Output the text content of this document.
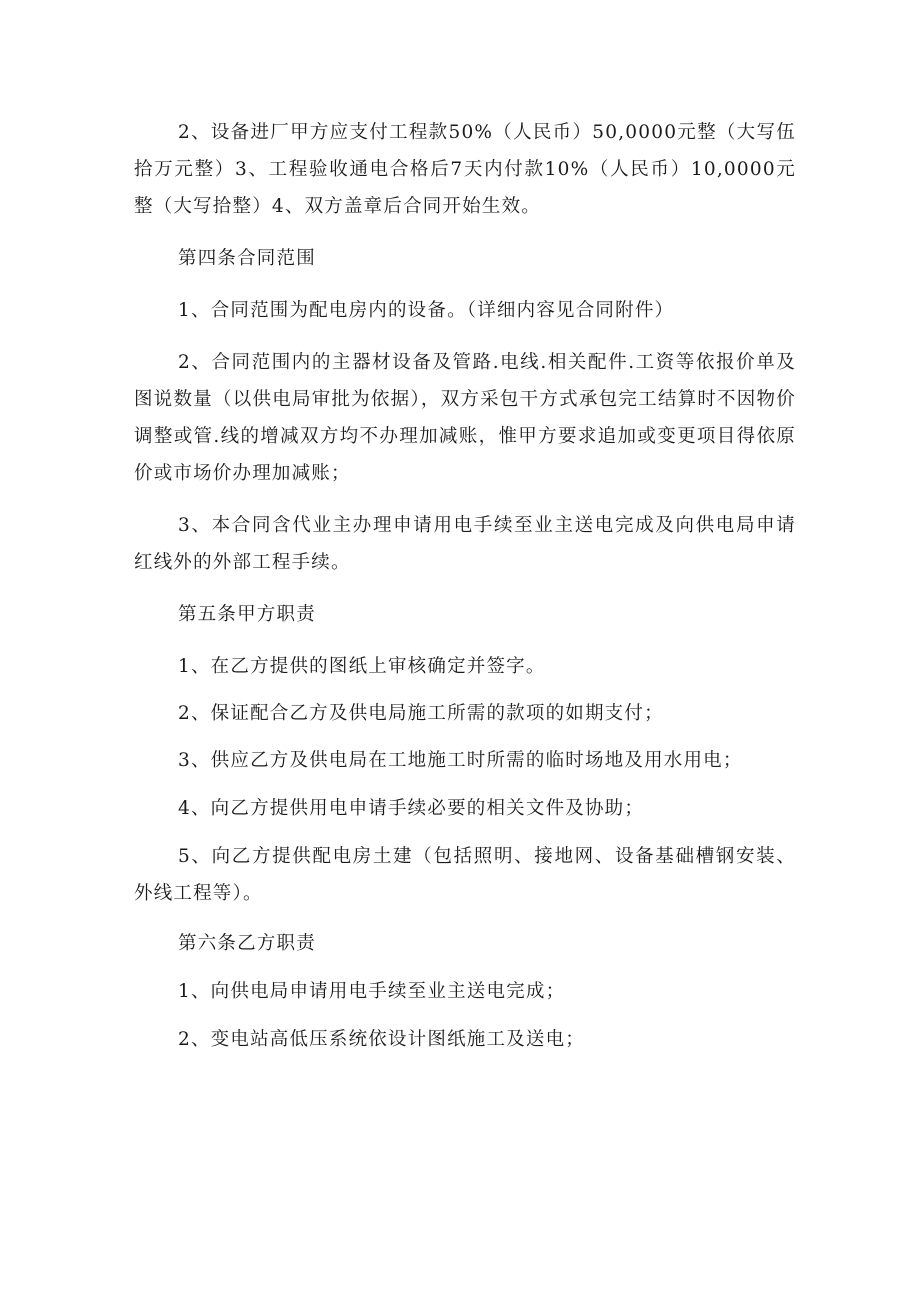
2、设备进厂甲方应支付工程款50%（人民币）50,0000元整（大写伍拾万元整）3、工程验收通电合格后7天内付款10%（人民币）10,0000元整（大写拾整）4、双方盖章后合同开始生效。

第四条合同范围

1、合同范围为配电房内的设备。（详细内容见合同附件）

2、合同范围内的主器材设备及管路.电线.相关配件.工资等依报价单及图说数量（以供电局审批为依据），双方采包干方式承包完工结算时不因物价调整或管.线的增减双方均不办理加减账，惟甲方要求追加或变更项目得依原价或市场价办理加减账；

3、本合同含代业主办理申请用电手续至业主送电完成及向供电局申请红线外的外部工程手续。

第五条甲方职责

1、在乙方提供的图纸上审核确定并签字。

2、保证配合乙方及供电局施工所需的款项的如期支付；

3、供应乙方及供电局在工地施工时所需的临时场地及用水用电；

4、向乙方提供用电申请手续必要的相关文件及协助；

5、向乙方提供配电房土建（包括照明、接地网、设备基础槽钢安装、外线工程等）。

第六条乙方职责

1、向供电局申请用电手续至业主送电完成；

2、变电站高低压系统依设计图纸施工及送电；
